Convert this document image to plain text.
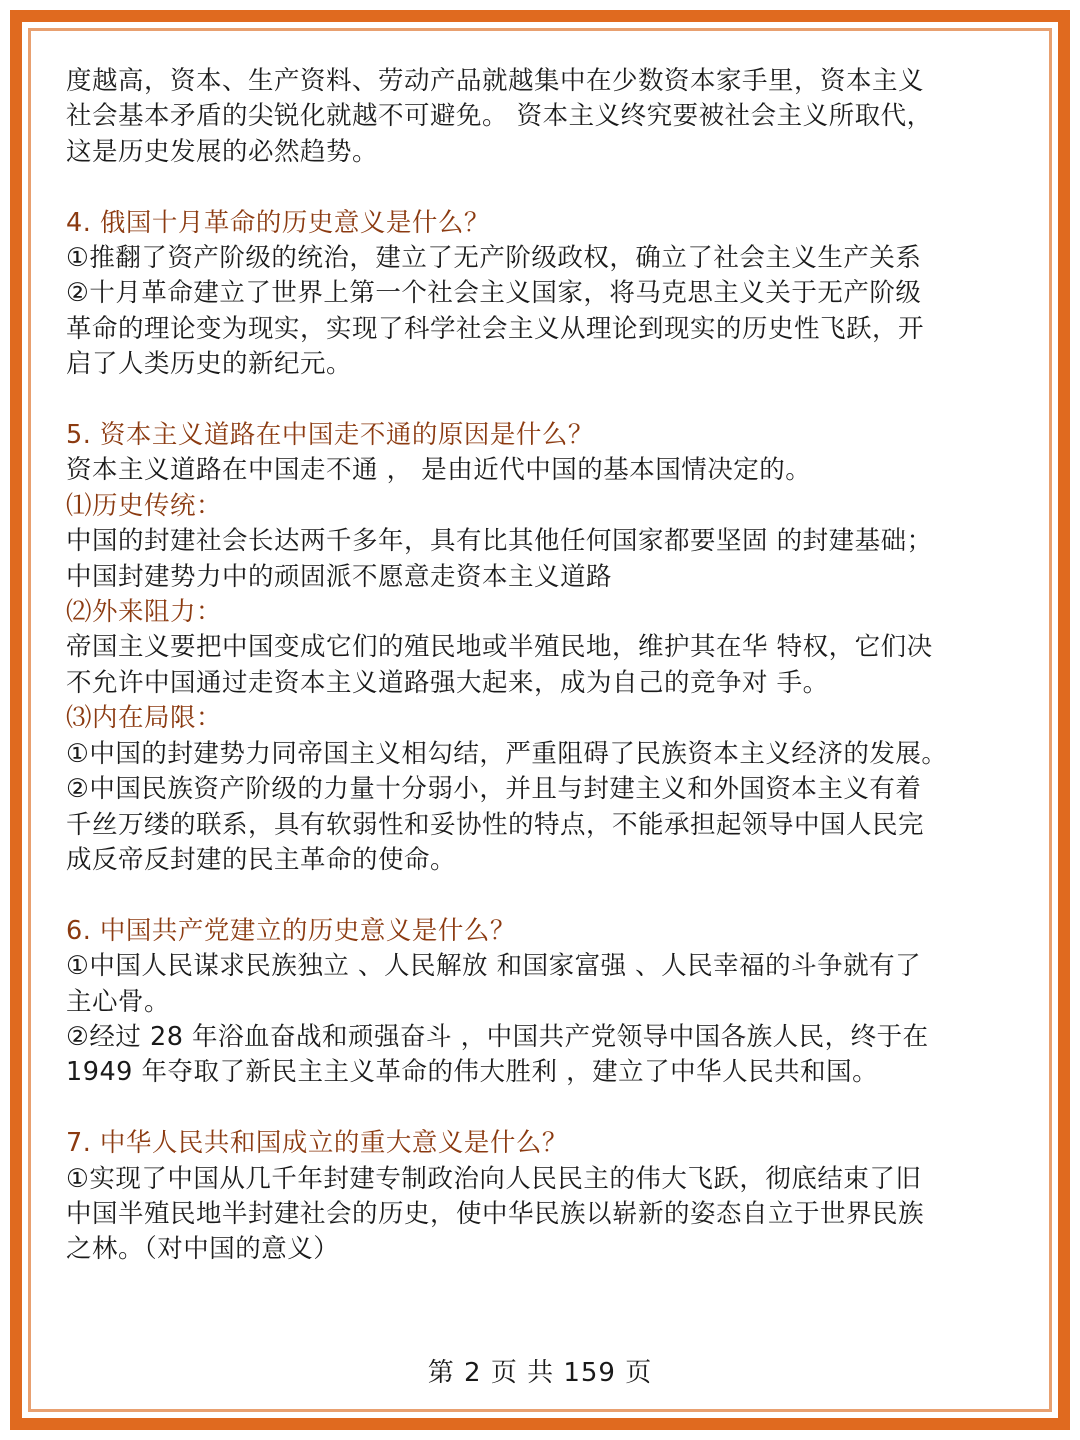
度越高，资本、生产资料、劳动产品就越集中在少数资本家手里，资本主义
社会基本矛盾的尖锐化就越不可避免。 资本主义终究要被社会主义所取代，
这是历史发展的必然趋势。
4. 俄国十月革命的历史意义是什么？
①推翻了资产阶级的统治，建立了无产阶级政权，确立了社会主义生产关系
②十月革命建立了世界上第一个社会主义国家，将马克思主义关于无产阶级
革命的理论变为现实，实现了科学社会主义从理论到现实的历史性飞跃，开
启了人类历史的新纪元。
5. 资本主义道路在中国走不通的原因是什么？
资本主义道路在中国走不通 ， 是由近代中国的基本国情决定的。
⑴历史传统：
中国的封建社会长达两千多年，具有比其他任何国家都要坚固 的封建基础；
中国封建势力中的顽固派不愿意走资本主义道路
⑵外来阻力：
帝国主义要把中国变成它们的殖民地或半殖民地，维护其在华 特权，它们决
不允许中国通过走资本主义道路强大起来，成为自己的竞争对 手。
⑶内在局限：
①中国的封建势力同帝国主义相勾结，严重阻碍了民族资本主义经济的发展。
②中国民族资产阶级的力量十分弱小，并且与封建主义和外国资本主义有着
千丝万缕的联系，具有软弱性和妥协性的特点，不能承担起领导中国人民完
成反帝反封建的民主革命的使命。
6. 中国共产党建立的历史意义是什么？
①中国人民谋求民族独立 、人民解放 和国家富强 、人民幸福的斗争就有了
主心骨。
②经过 28 年浴血奋战和顽强奋斗 ，中国共产党领导中国各族人民，终于在
1949 年夺取了新民主主义革命的伟大胜利 ，建立了中华人民共和国。
7. 中华人民共和国成立的重大意义是什么？
①实现了中国从几千年封建专制政治向人民民主的伟大飞跃，彻底结束了旧
中国半殖民地半封建社会的历史，使中华民族以崭新的姿态自立于世界民族
之林。（对中国的意义）
第 2 页 共 159 页
